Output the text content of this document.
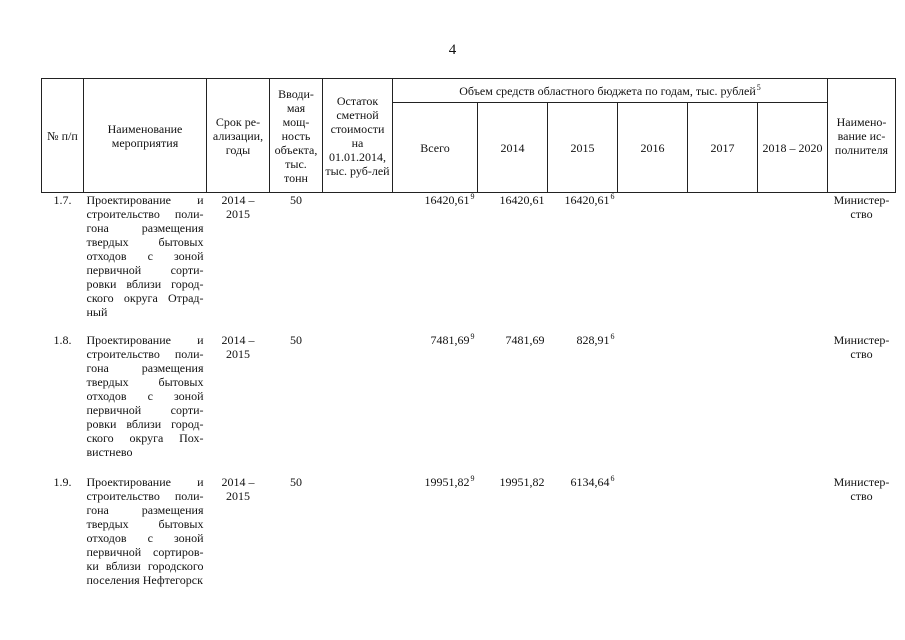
4
№ п/п	Наименование мероприятия	Срок ре-ализации, годы	Вводи-мая мощ-ность объекта, тыс. тонн	Остаток сметной стоимости на 01.01.2014, тыс. руб-лей	Объем средств областного бюджета по годам, тыс. рублей$^5$						Наимено-вание ис-полнителя
					Всего	2014	2015	2016	2017	2018 – 2020	
1.7.	Проектирование и строительство поли-гона размещения твердых бытовых отходов с зоной первичной сорти-ровки вблизи город-ского округа Отрад-ный	2014 – 2015	50		16420,61$^9$	16420,61	16420,61$^6$				Министер-ство
1.8.	Проектирование и строительство поли-гона размещения твердых бытовых отходов с зоной первичной сорти-ровки вблизи город-ского округа Пох-вистнево	2014 – 2015	50		7481,69$^9$	7481,69	828,91$^6$				Министер-ство
1.9.	Проектирование и строительство поли-гона размещения твердых бытовых отходов с зоной первичной сортиров-ки вблизи городского поселения Нефтегорск	2014 – 2015	50		19951,82$^9$	19951,82	6134,64$^6$				Министер-ство
